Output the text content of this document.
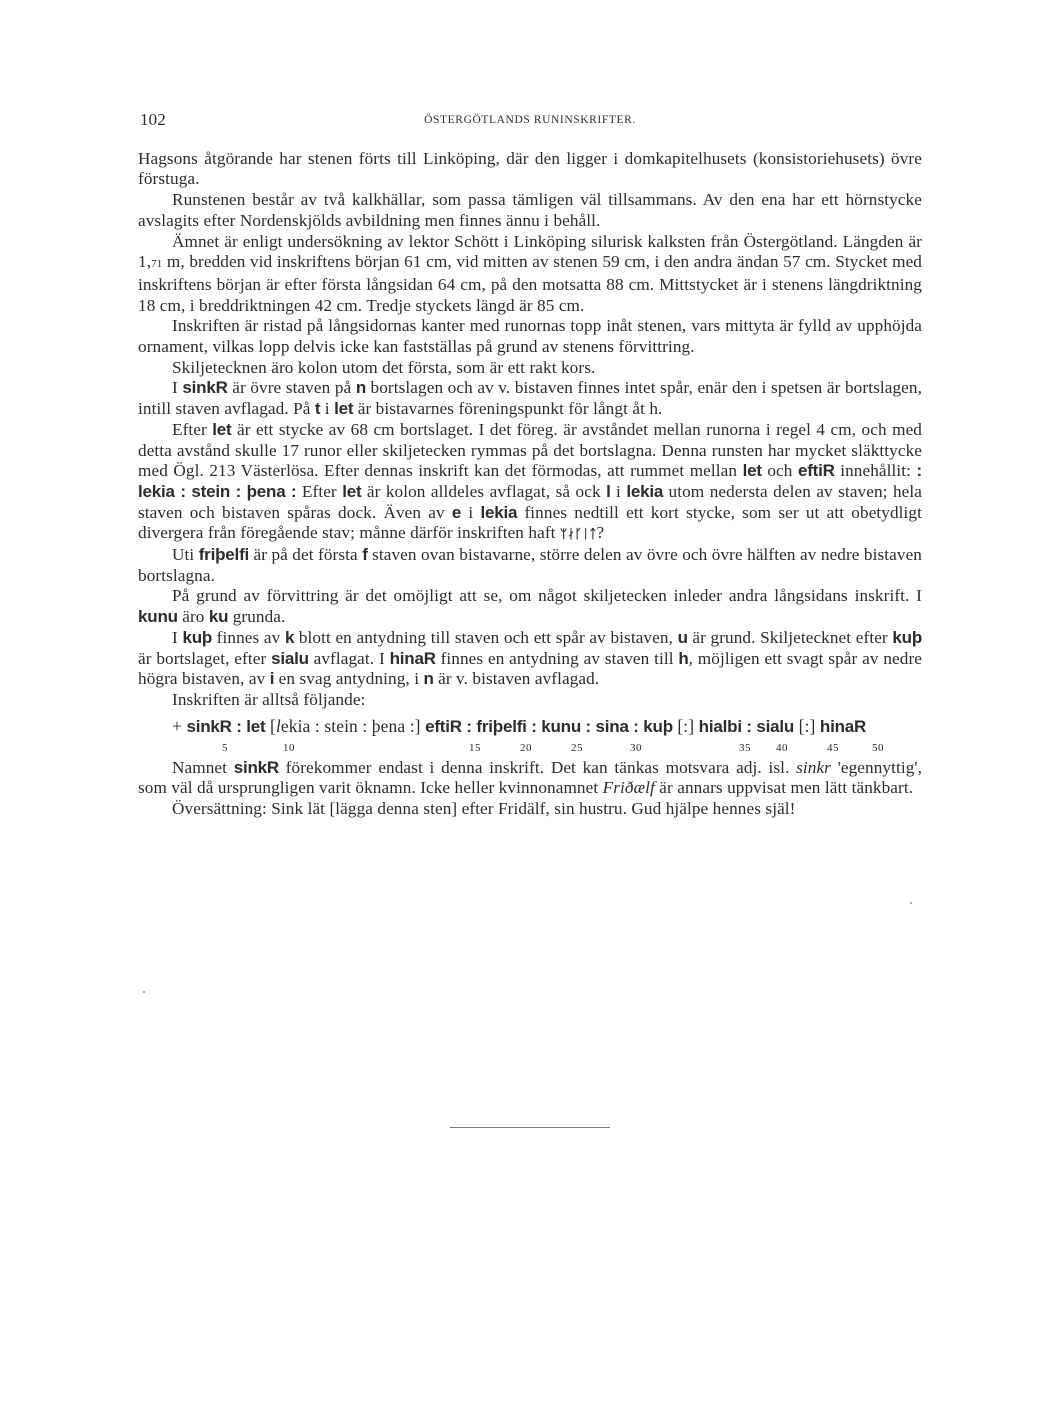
102	ÖSTERGÖTLANDS RUNINSKRIFTER.

Hagsons åtgörande har stenen förts till Linköping, där den ligger i domkapitelhusets (konsistoriehusets) övre förstuga.

Runstenen består av två kalkhällar, som passa tämligen väl tillsammans. Av den ena har ett hörnstycke avslagits efter Nordenskjölds avbildning men finnes ännu i behåll.

Ämnet är enligt undersökning av lektor Schött i Linköping silurisk kalksten från Östergötland. Längden är 1,71 m, bredden vid inskriftens början 61 cm, vid mitten av stenen 59 cm, i den andra ändan 57 cm. Stycket med inskriftens början är efter första långsidan 64 cm, på den motsatta 88 cm. Mittstycket är i stenens längdriktning 18 cm, i breddriktningen 42 cm. Tredje styckets längd är 85 cm.

Inskriften är ristad på långsidornas kanter med runornas topp inåt stenen, vars mittyta är fylld av upphöjda ornament, vilkas lopp delvis icke kan fastställas på grund av stenens förvittring.

Skiljetecknen äro kolon utom det första, som är ett rakt kors.

I sinkR är övre staven på n bortslagen och av v. bistaven finnes intet spår, enär den i spetsen är bortslagen, intill staven avflagad. På t i let är bistavarnes föreningspunkt för långt åt h.

Efter let är ett stycke av 68 cm bortslaget. I det föreg. är avståndet mellan runorna i regel 4 cm, och med detta avstånd skulle 17 runor eller skiljetecken rymmas på det bortslagna. Denna runsten har mycket släkttycke med Ögl. 213 Västerlösa. Efter dennas inskrift kan det förmodas, att rummet mellan let och eftiR innehållit: : lekia : stein : þena : Efter let är kolon alldeles avflagat, så ock l i lekia utom nedersta delen av staven; hela staven och bistaven spåras dock. Även av e i lekia finnes nedtill ett kort stycke, som ser ut att obetydligt divergera från föregående stav; månne därför inskriften haft ᛘᛅᚴᛁᛏ?

Uti friþelfi är på det första f staven ovan bistavarne, större delen av övre och övre hälften av nedre bistaven bortslagna.

På grund av förvittring är det omöjligt att se, om något skiljetecken inleder andra långsidans inskrift. I kunu äro ku grunda.

I kuþ finnes av k blott en antydning till staven och ett spår av bistaven, u är grund. Skiljetecknet efter kuþ är bortslaget, efter sialu avflagat. I hinaR finnes en antydning av staven till h, möjligen ett svagt spår av nedre högra bistaven, av i en svag antydning, i n är v. bistaven avflagad.

Inskriften är alltså följande:

+ sinkR : let [lekia : stein : þena :] eftiR : friþelfi : kunu : sina : kuþ [:] hialbi : sialu [:] hinaR
5	10	15	20	25	30	35 40	45	50

Namnet sinkR förekommer endast i denna inskrift. Det kan tänkas motsvara adj. isl. sinkr 'egennyttig', som väl då ursprungligen varit öknamn. Icke heller kvinnonamnet Friðælf är annars uppvisat men lätt tänkbart.

Översättning: Sink lät [lägga denna sten] efter Fridälf, sin hustru. Gud hjälpe hennes själ!
